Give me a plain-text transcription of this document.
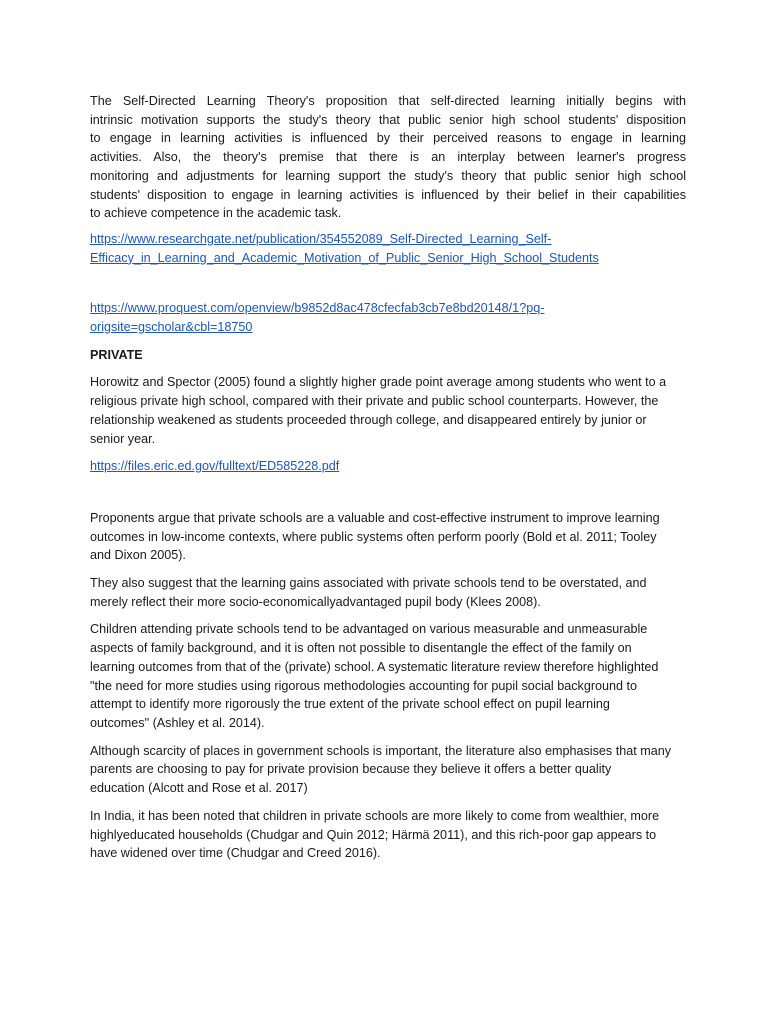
The Self-Directed Learning Theory's proposition that self-directed learning initially begins with
intrinsic motivation supports the study's theory that public senior high school students' disposition
to engage in learning activities is influenced by their perceived reasons to engage in learning
activities. Also, the theory's premise that there is an interplay between learner's progress
monitoring and adjustments for learning support the study's theory that public senior high school
students' disposition to engage in learning activities is influenced by their belief in their capabilities
to achieve competence in the academic task.
https://www.researchgate.net/publication/354552089_Self-Directed_Learning_Self-
Efficacy_in_Learning_and_Academic_Motivation_of_Public_Senior_High_School_Students
https://www.proquest.com/openview/b9852d8ac478cfecfab3cb7e8bd20148/1?pq-
origsite=gscholar&cbl=18750
PRIVATE
Horowitz and Spector (2005) found a slightly higher grade point average among students who went to a
religious private high school, compared with their private and public school counterparts. However, the
relationship weakened as students proceeded through college, and disappeared entirely by junior or
senior year.
https://files.eric.ed.gov/fulltext/ED585228.pdf
Proponents argue that private schools are a valuable and cost-effective instrument to improve learning
outcomes in low-income contexts, where public systems often perform poorly (Bold et al. 2011; Tooley
and Dixon 2005).
They also suggest that the learning gains associated with private schools tend to be overstated, and
merely reflect their more socio-economicallyadvantaged pupil body (Klees 2008).
Children attending private schools tend to be advantaged on various measurable and unmeasurable
aspects of family background, and it is often not possible to disentangle the effect of the family on
learning outcomes from that of the (private) school. A systematic literature review therefore highlighted
"the need for more studies using rigorous methodologies accounting for pupil social background to
attempt to identify more rigorously the true extent of the private school effect on pupil learning
outcomes" (Ashley et al. 2014).
Although scarcity of places in government schools is important, the literature also emphasises that many
parents are choosing to pay for private provision because they believe it offers a better quality
education (Alcott and Rose et al. 2017)
In India, it has been noted that children in private schools are more likely to come from wealthier, more
highlyeducated households (Chudgar and Quin 2012; Härmä 2011), and this rich-poor gap appears to
have widened over time (Chudgar and Creed 2016).
